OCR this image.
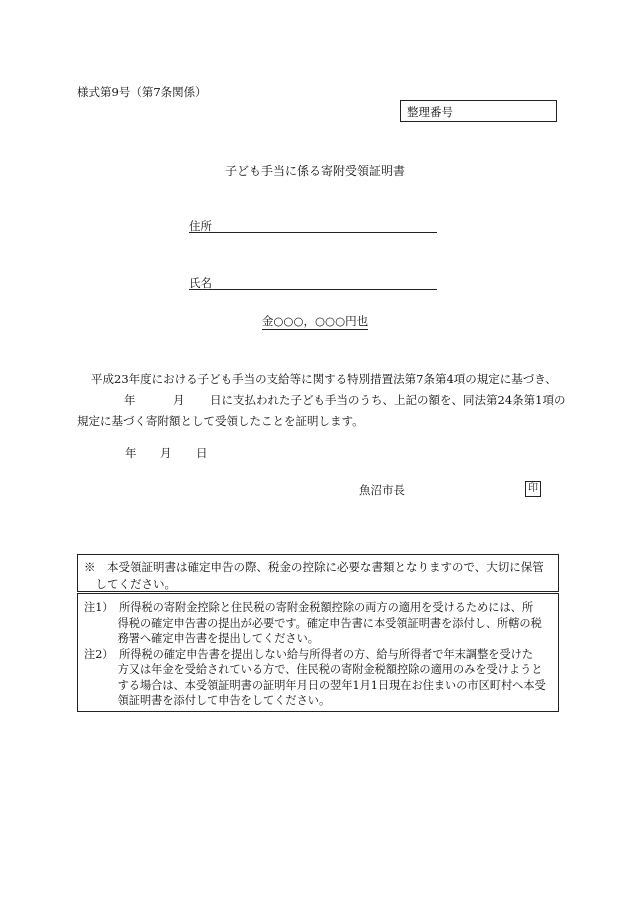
様式第9号（第7条関係）
整理番号
子ども手当に係る寄附受領証明書
住所
氏名
金○○○，○○○円也
平成23年度における子ども手当の支給等に関する特別措置法第7条第4項の規定に基づき、
年	月 日に支払われた子ども手当のうち、上記の額を、同法第24条第1項の
規定に基づく寄附額として受領したことを証明します。
年 月 日
魚沼市長	印
※　本受領証明書は確定申告の際、税金の控除に必要な書類となりますので、大切に保管
　してください。
注1）　所得税の寄附金控除と住民税の寄附金税額控除の両方の適用を受けるためには、所
　　　得税の確定申告書の提出が必要です。確定申告書に本受領証明書を添付し、所轄の税
　　　務署へ確定申告書を提出してください。
注2）　所得税の確定申告書を提出しない給与所得者の方、給与所得者で年末調整を受けた
　　　方又は年金を受給されている方で、住民税の寄附金税額控除の適用のみを受けようと
　　　する場合は、本受領証明書の証明年月日の翌年1月1日現在お住まいの市区町村へ本受
　　　領証明書を添付して申告をしてください。
